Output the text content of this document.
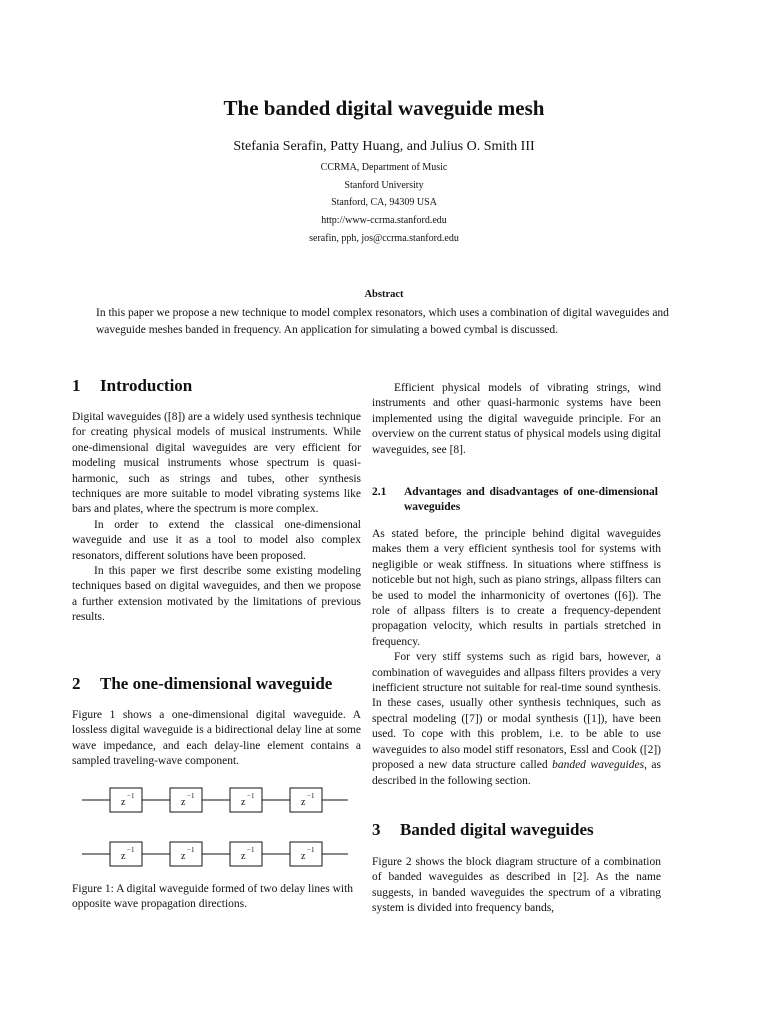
The banded digital waveguide mesh
Stefania Serafin, Patty Huang, and Julius O. Smith III
CCRMA, Department of Music
Stanford University
Stanford, CA, 94309 USA
http://www-ccrma.stanford.edu
serafin, pph, jos@ccrma.stanford.edu
Abstract

In this paper we propose a new technique to model complex resonators, which uses a combination of digital waveguides and waveguide meshes banded in frequency. An application for simulating a bowed cymbal is discussed.

1 Introduction

Digital waveguides ([8]) are a widely used synthesis technique for creating physical models of musical instruments. While one-dimensional digital waveguides are very efficient for modeling musical instruments whose spectrum is quasi-harmonic, such as strings and tubes, other synthesis techniques are more suitable to model vibrating systems like bars and plates, where the spectrum is more complex.

In order to extend the classical one-dimensional waveguide and use it as a tool to model also complex resonators, different solutions have been proposed.

In this paper we first describe some existing modeling techniques based on digital waveguides, and then we propose a further extension motivated by the limitations of previous results.

2 The one-dimensional waveguide

Figure 1 shows a one-dimensional digital waveguide. A lossless digital waveguide is a bidirectional delay line at some wave impedance, and each delay-line element contains a sampled traveling-wave component.

z
−1
z
−1
z
−1
z
−1
z
−1
z
−1
z
−1
z
−1

Figure 1: A digital waveguide formed of two delay lines with opposite wave propagation directions.

Efficient physical models of vibrating strings, wind instruments and other quasi-harmonic systems have been implemented using the digital waveguide principle. For an overview on the current status of physical models using digital waveguides, see [8].

2.1 Advantages and disadvantages of one-dimensional waveguides

As stated before, the principle behind digital waveguides makes them a very efficient synthesis tool for systems with negligible or weak stiffness. In situations where stiffness is noticeble but not high, such as piano strings, allpass filters can be used to model the inharmonicity of overtones ([6]). The role of allpass filters is to create a frequency-dependent propagation velocity, which results in partials stretched in frequency.

For very stiff systems such as rigid bars, however, a combination of waveguides and allpass filters provides a very inefficient structure not suitable for real-time sound synthesis. In these cases, usually other synthesis techniques, such as spectral modeling ([7]) or modal synthesis ([1]), have been used. To cope with this problem, i.e. to be able to use waveguides to also model stiff resonators, Essl and Cook ([2]) proposed a new data structure called banded waveguides, as described in the following section.

3 Banded digital waveguides

Figure 2 shows the block diagram structure of a combination of banded waveguides as described in [2]. As the name suggests, in banded waveguides the spectrum of a vibrating system is divided into frequency bands,
